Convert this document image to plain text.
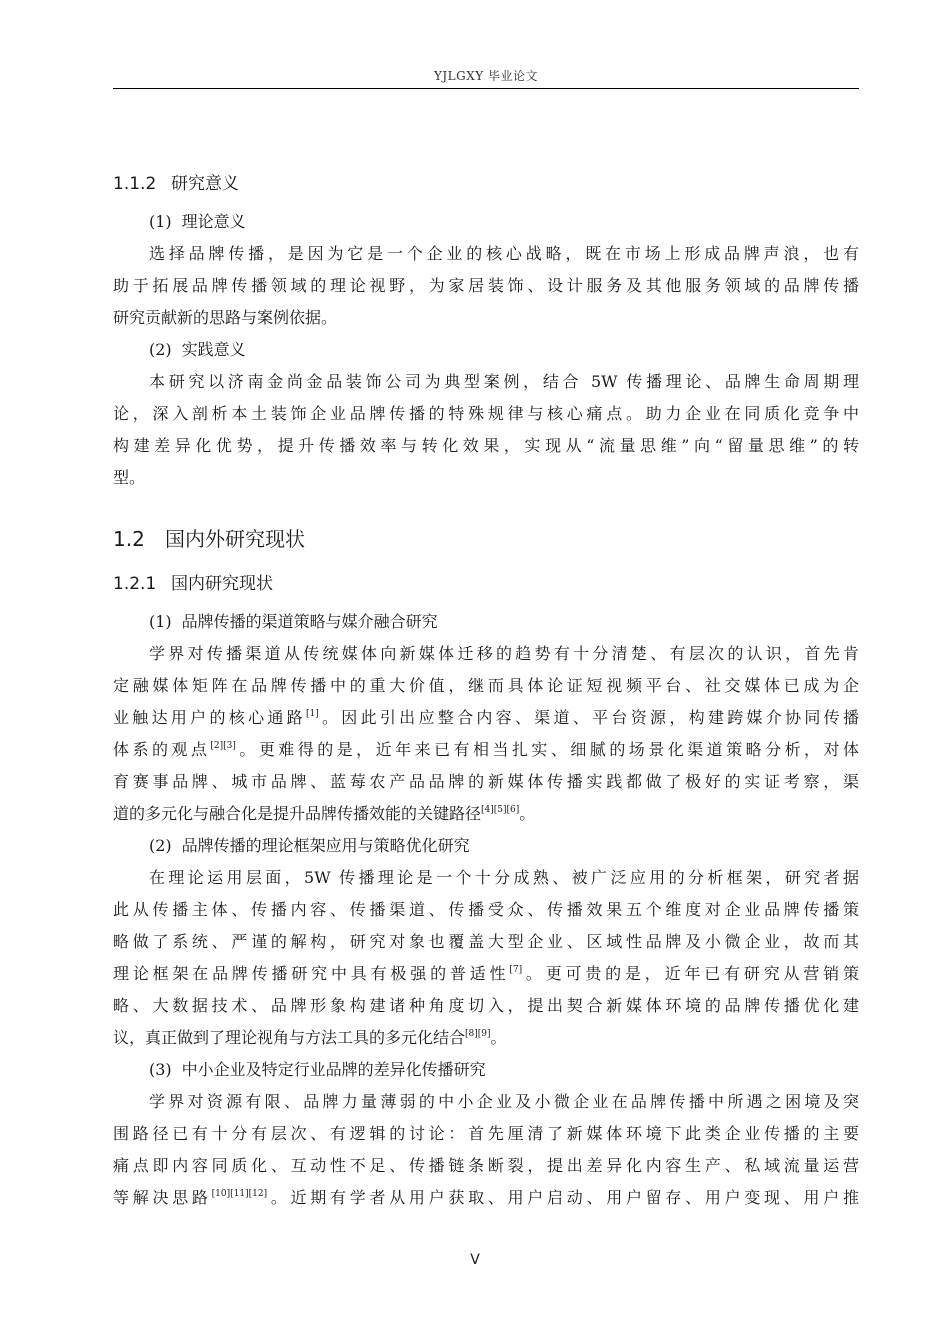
YJLGXY 毕业论文
1.1.2 研究意义

(1) 理论意义

选择品牌传播，是因为它是一个企业的核心战略，既在市场上形成品牌声浪，也有
助于拓展品牌传播领域的理论视野，为家居装饰、设计服务及其他服务领域的品牌传播
研究贡献新的思路与案例依据。

(2) 实践意义

本研究以济南金尚金品装饰公司为典型案例，结合 5W 传播理论、品牌生命周期理
论，深入剖析本土装饰企业品牌传播的特殊规律与核心痛点。助力企业在同质化竞争中
构建差异化优势，提升传播效率与转化效果，实现从“流量思维”向“留量思维”的转
型。
1.2 国内外研究现状
1.2.1 国内研究现状

(1) 品牌传播的渠道策略与媒介融合研究

学界对传播渠道从传统媒体向新媒体迁移的趋势有十分清楚、有层次的认识，首先肯
定融媒体矩阵在品牌传播中的重大价值，继而具体论证短视频平台、社交媒体已成为企
业触达用户的核心通路[1]。因此引出应整合内容、渠道、平台资源，构建跨媒介协同传播
体系的观点[2][3]。更难得的是，近年来已有相当扎实、细腻的场景化渠道策略分析，对体
育赛事品牌、城市品牌、蓝莓农产品品牌的新媒体传播实践都做了极好的实证考察，渠
道的多元化与融合化是提升品牌传播效能的关键路径[4][5][6]。

(2) 品牌传播的理论框架应用与策略优化研究

在理论运用层面，5W 传播理论是一个十分成熟、被广泛应用的分析框架，研究者据
此从传播主体、传播内容、传播渠道、传播受众、传播效果五个维度对企业品牌传播策
略做了系统、严谨的解构，研究对象也覆盖大型企业、区域性品牌及小微企业，故而其
理论框架在品牌传播研究中具有极强的普适性[7]。更可贵的是，近年已有研究从营销策
略、大数据技术、品牌形象构建诸种角度切入，提出契合新媒体环境的品牌传播优化建
议，真正做到了理论视角与方法工具的多元化结合[8][9]。

(3) 中小企业及特定行业品牌的差异化传播研究

学界对资源有限、品牌力量薄弱的中小企业及小微企业在品牌传播中所遇之困境及突
围路径已有十分有层次、有逻辑的讨论：首先厘清了新媒体环境下此类企业传播的主要
痛点即内容同质化、互动性不足、传播链条断裂，提出差异化内容生产、私域流量运营
等解决思路[10][11][12]。近期有学者从用户获取、用户启动、用户留存、用户变现、用户推
V
